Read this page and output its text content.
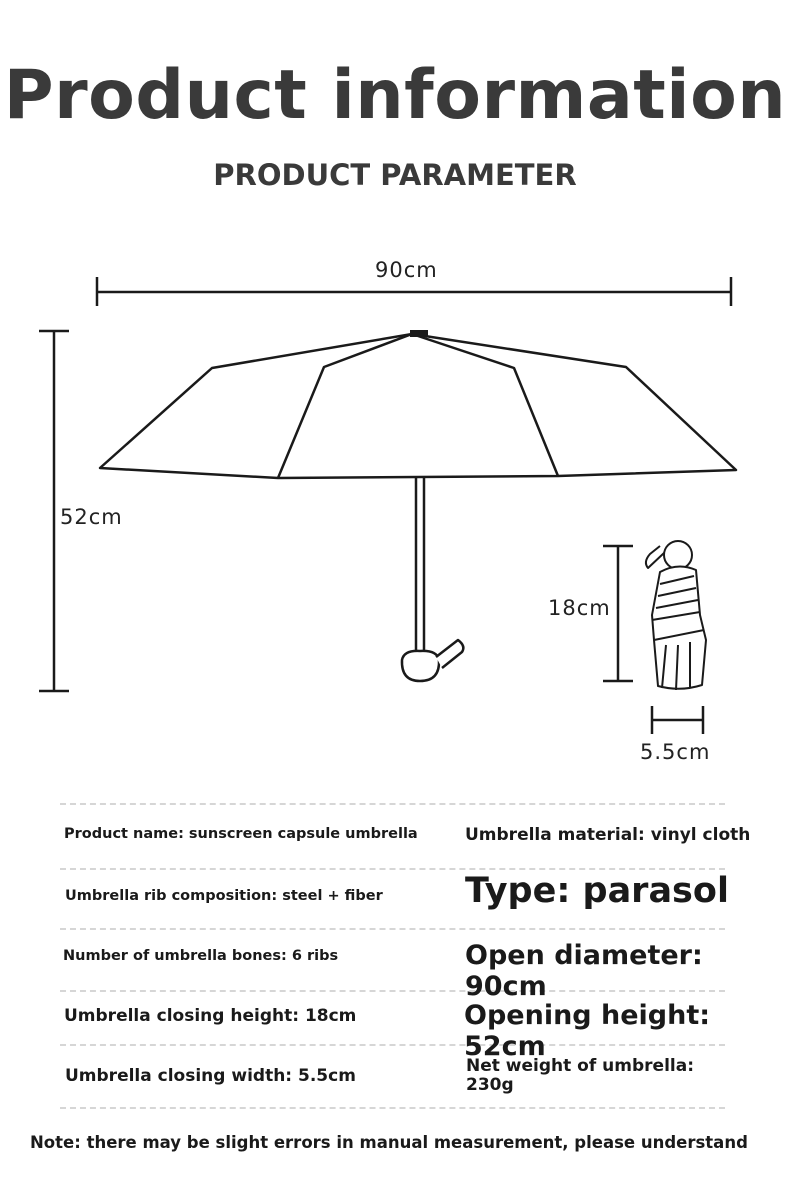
Product information
PRODUCT PARAMETER
90cm
52cm
18cm
5.5cm
Product name: sunscreen capsule umbrella
Umbrella rib composition: steel + fiber
Number of umbrella bones: 6 ribs
Umbrella closing height: 18cm
Umbrella closing width: 5.5cm
Umbrella material: vinyl cloth
Type: parasol
Open diameter: 90cm
Opening height: 52cm
Net weight of umbrella:
230g
Note: there may be slight errors in manual measurement, please understand
